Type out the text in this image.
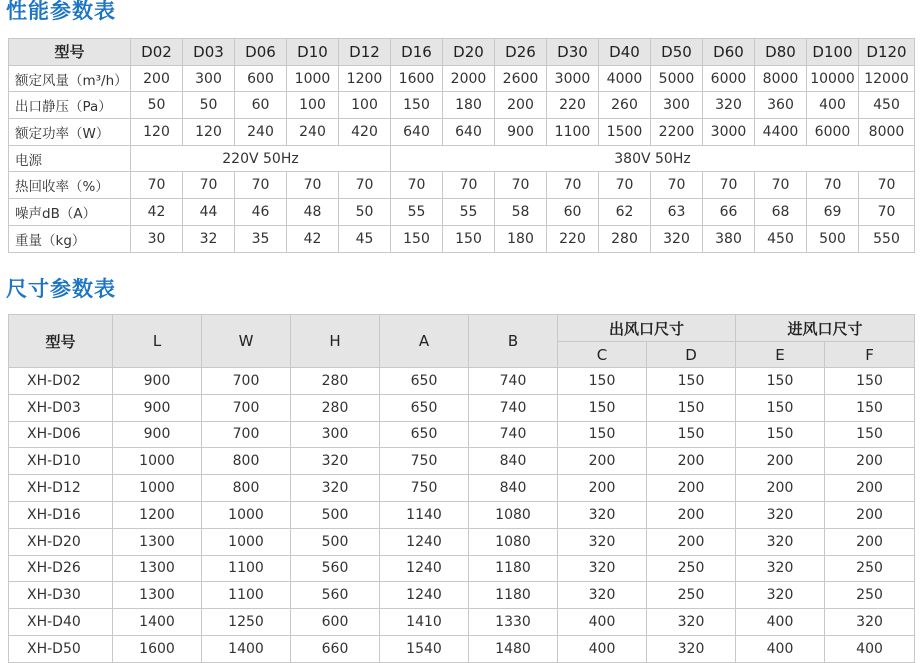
性能参数表
型号	D02	D03	D06	D10	D12	D16	D20	D26	D30	D40	D50	D60	D80	D100	D120
额定风量（m³/h）	200	300	600	1000	1200	1600	2000	2600	3000	4000	5000	6000	8000	10000	12000
出口静压（Pa）	50	50	60	100	100	150	180	200	220	260	300	320	360	400	450
额定功率（W）	120	120	240	240	420	640	640	900	1100	1500	2200	3000	4400	6000	8000
电源	220V 50Hz					380V 50Hz									
热回收率（%）	70	70	70	70	70	70	70	70	70	70	70	70	70	70	70
噪声dB（A）	42	44	46	48	50	55	55	58	60	62	63	66	68	69	70
重量（kg）	30	32	35	42	45	150	150	180	220	280	320	380	450	500	550
尺寸参数表
型号	L	W	H	A	B	出风口尺寸		进风口尺寸	
						C	D	E	F
XH-D02	900	700	280	650	740	150	150	150	150
XH-D03	900	700	280	650	740	150	150	150	150
XH-D06	900	700	300	650	740	150	150	150	150
XH-D10	1000	800	320	750	840	200	200	200	200
XH-D12	1000	800	320	750	840	200	200	200	200
XH-D16	1200	1000	500	1140	1080	320	200	320	200
XH-D20	1300	1000	500	1240	1080	320	200	320	200
XH-D26	1300	1100	560	1240	1180	320	250	320	250
XH-D30	1300	1100	560	1240	1180	320	250	320	250
XH-D40	1400	1250	600	1410	1330	400	320	400	320
XH-D50	1600	1400	660	1540	1480	400	320	400	400
